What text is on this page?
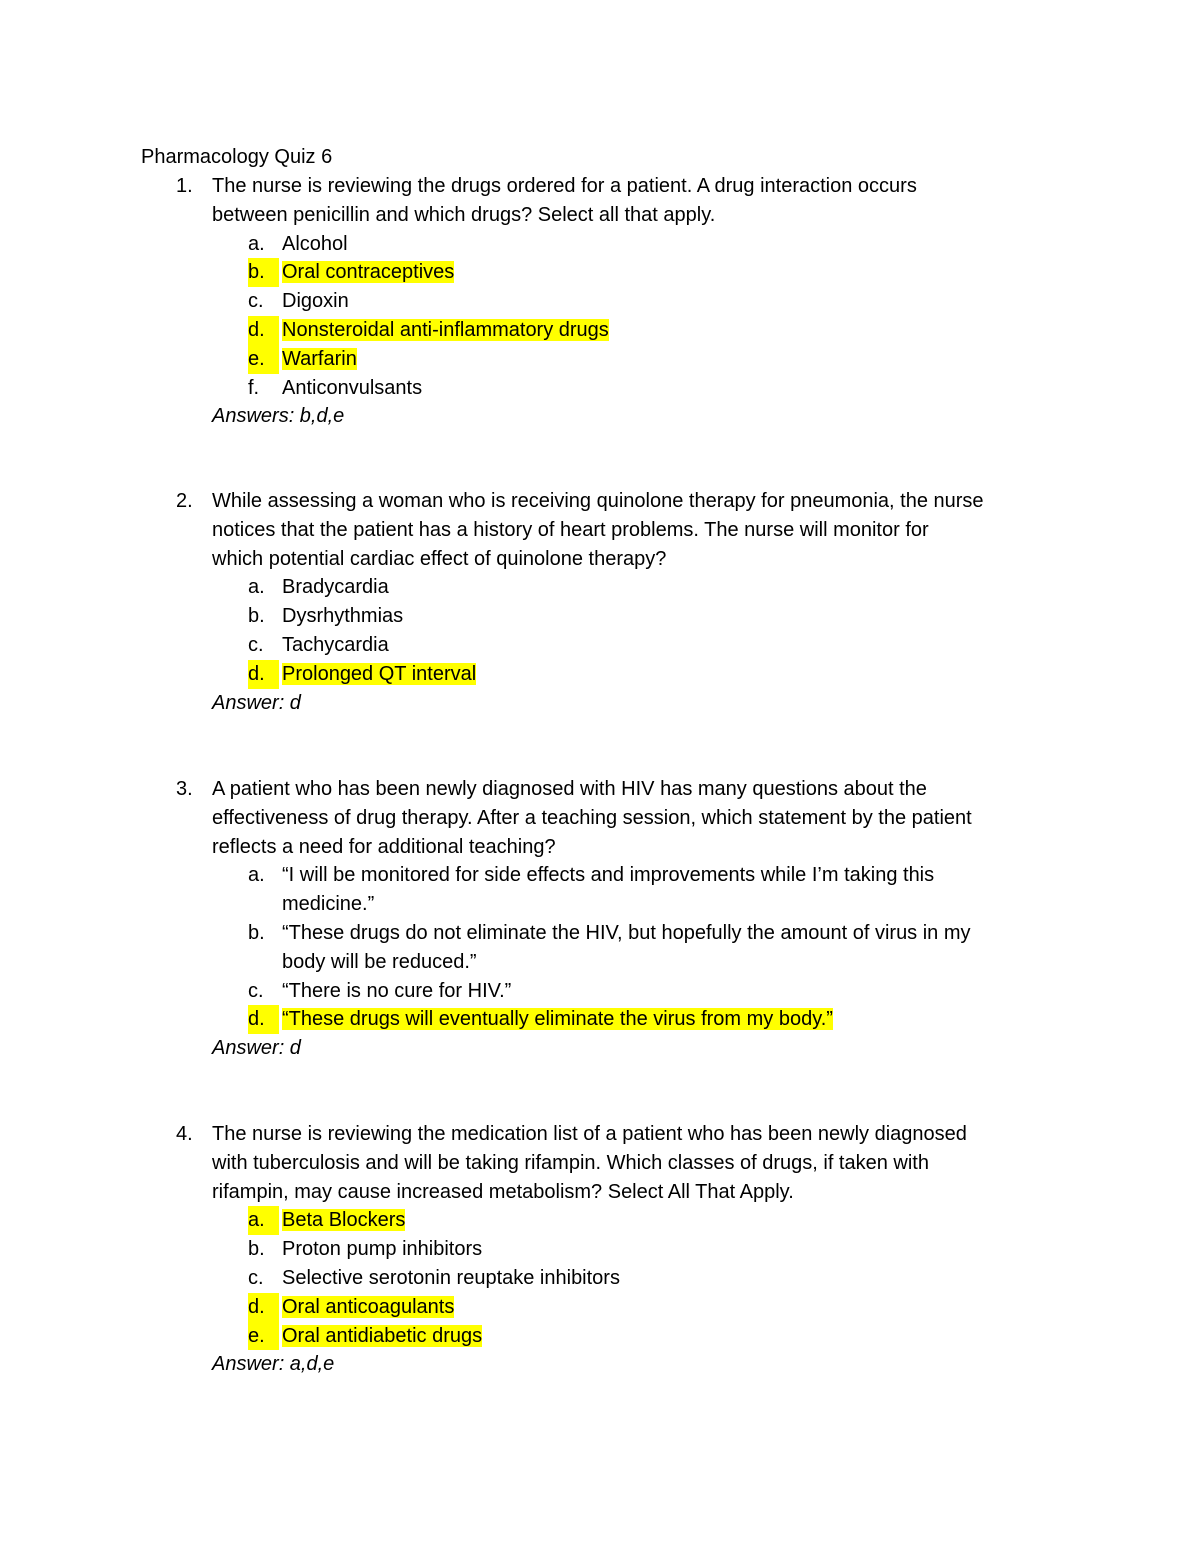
Pharmacology Quiz 6
1. The nurse is reviewing the drugs ordered for a patient. A drug interaction occurs
between penicillin and which drugs? Select all that apply.
a. Alcohol
b. Oral contraceptives
c. Digoxin
d. Nonsteroidal anti-inflammatory drugs
e. Warfarin
f. Anticonvulsants
Answers: b,d,e
2. While assessing a woman who is receiving quinolone therapy for pneumonia, the nurse
notices that the patient has a history of heart problems. The nurse will monitor for
which potential cardiac effect of quinolone therapy?
a. Bradycardia
b. Dysrhythmias
c. Tachycardia
d. Prolonged QT interval
Answer: d
3. A patient who has been newly diagnosed with HIV has many questions about the
effectiveness of drug therapy. After a teaching session, which statement by the patient
reflects a need for additional teaching?
a. “I will be monitored for side effects and improvements while I’m taking this
medicine.”
b. “These drugs do not eliminate the HIV, but hopefully the amount of virus in my
body will be reduced.”
c. “There is no cure for HIV.”
d. “These drugs will eventually eliminate the virus from my body.”
Answer: d
4. The nurse is reviewing the medication list of a patient who has been newly diagnosed
with tuberculosis and will be taking rifampin. Which classes of drugs, if taken with
rifampin, may cause increased metabolism? Select All That Apply.
a. Beta Blockers
b. Proton pump inhibitors
c. Selective serotonin reuptake inhibitors
d. Oral anticoagulants
e. Oral antidiabetic drugs
Answer: a,d,e
